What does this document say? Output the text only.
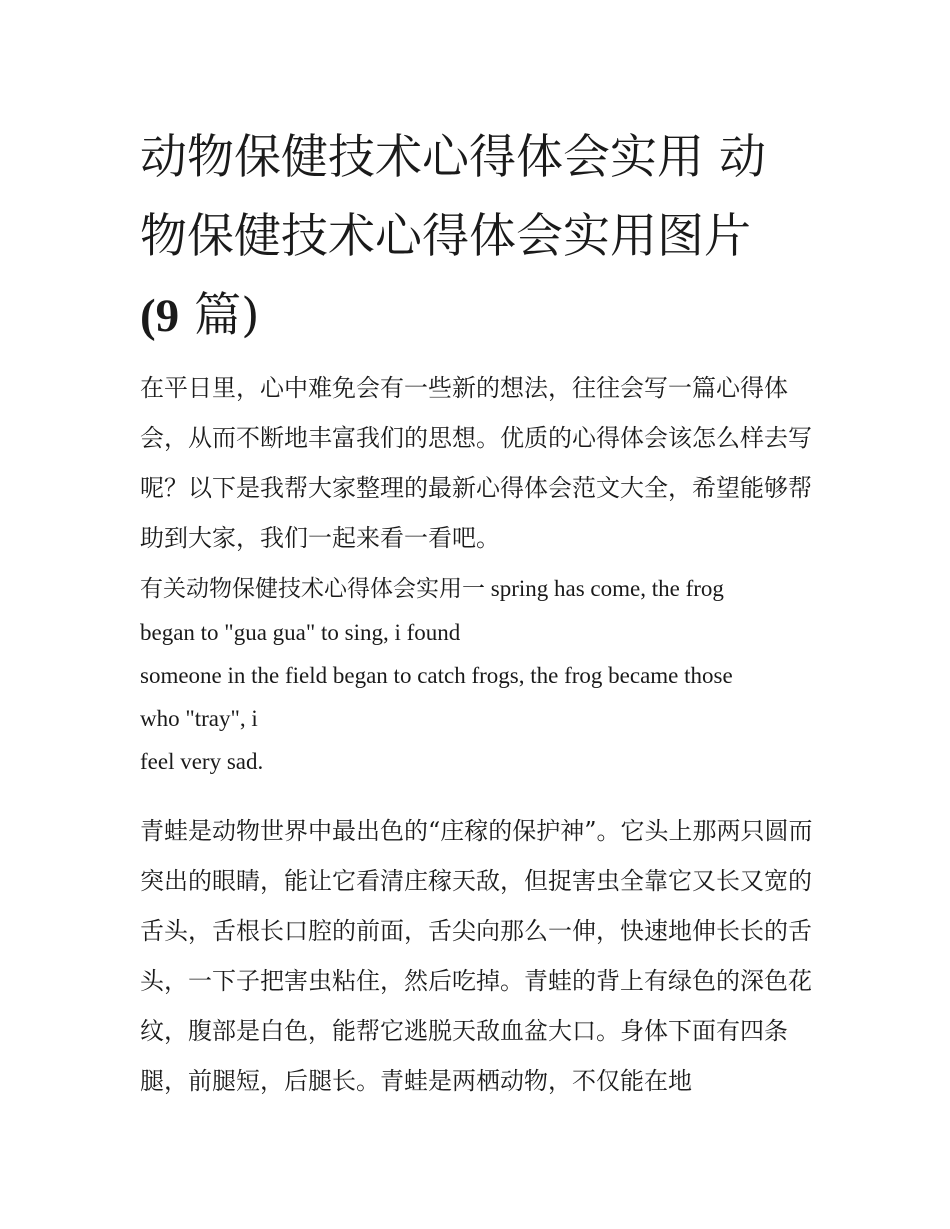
动物保健技术心得体会实用 动
物保健技术心得体会实用图片
(9 篇)

在平日里，心中难免会有一些新的想法，往往会写一篇心得体会，从而不断地丰富我们的思想。优质的心得体会该怎么样去写呢？以下是我帮大家整理的最新心得体会范文大全，希望能够帮助到大家，我们一起来看一看吧。

有关动物保健技术心得体会实用一 spring has come, the frog
began to "gua gua" to sing, i found
someone in the field began to catch frogs, the frog became those
who "tray", i
feel very sad.

青蛙是动物世界中最出色的“庄稼的保护神”。它头上那两只圆而突出的眼睛，能让它看清庄稼天敌，但捉害虫全靠它又长又宽的舌头，舌根长口腔的前面，舌尖向那么一伸，快速地伸长长的舌头，一下子把害虫粘住，然后吃掉。青蛙的背上有绿色的深色花纹，腹部是白色，能帮它逃脱天敌血盆大口。身体下面有四条腿，前腿短，后腿长。青蛙是两栖动物，不仅能在地
